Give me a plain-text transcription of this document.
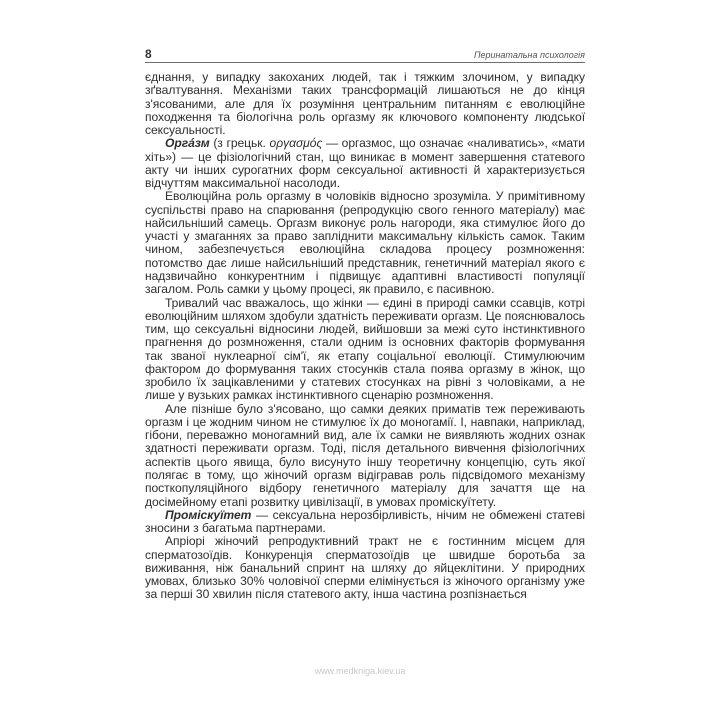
8	Перинатальна психологія

єднання, у випадку закоханих людей, так і тяжким злочином, у випадку зґвалтування. Механізми таких трансформацій лишаються не до кінця з'ясованими, але для їх розуміння центральним питанням є еволюційне походження та біологічна роль оргазму як ключового компоненту людської сексуальності.

Оргáзм (з грецьк. οργασμός — оргазмос, що означає «наливатись», «мати хіть») — це фізіологічний стан, що виникає в момент завершення статевого акту чи інших сурогатних форм сексуальної активності й характеризується відчуттям максимальної насолоди.

Еволюційна роль оргазму в чоловіків відносно зрозуміла. У примітивному суспільстві право на спарювання (репродукцію свого генного матеріалу) має найсильніший самець. Оргазм виконує роль нагороди, яка стимулює його до участі у змаганнях за право запліднити максимальну кількість самок. Таким чином, забезпечується еволюційна складова процесу розмноження: потомство дає лише найсильніший представник, генетичний матеріал якого є надзвичайно конкурентним і підвищує адаптивні властивості популяції загалом. Роль самки у цьому процесі, як правило, є пасивною.

Тривалий час вважалось, що жінки — єдині в природі самки ссавців, котрі еволюційним шляхом здобули здатність переживати оргазм. Це пояснювалось тим, що сексуальні відносини людей, вийшовши за межі суто інстинктивного прагнення до розмноження, стали одним із основних факторів формування так званої нуклеарної сім'ї, як етапу соціальної еволюції. Стимулюючим фактором до формування таких стосунків стала поява оргазму в жінок, що зробило їх зацікавленими у статевих стосунках на рівні з чоловіками, а не лише у вузьких рамках інстинктивного сценарію розмноження.

Але пізніше було з'ясовано, що самки деяких приматів теж переживають оргазм і це жодним чином не стимулює їх до моногамії. І, навпаки, наприклад, гібони, переважно моногамний вид, але їх самки не виявляють жодних ознак здатності переживати оргазм. Тоді, після детального вивчення фізіологічних аспектів цього явища, було висунуто іншу теоретичну концепцію, суть якої полягає в тому, що жіночий оргазм відігравав роль підсвідомого механізму посткопуляційного відбору генетичного матеріалу для зачаття ще на досімейному етапі розвитку цивілізації, в умовах проміскуїтету.

Проміскуїтет — сексуальна нерозбірливість, нічим не обмежені статеві зносини з багатьма партнерами.

Апріорі жіночий репродуктивний тракт не є гостинним місцем для сперматозоїдів. Конкуренція сперматозоїдів це швидше боротьба за виживання, ніж банальний спринт на шляху до яйцеклітини. У природних умовах, близько 30% чоловічої сперми елімінується із жіночого організму уже за перші 30 хвилин після статевого акту, інша частина розпізнається

www.medkniga.kiev.ua
